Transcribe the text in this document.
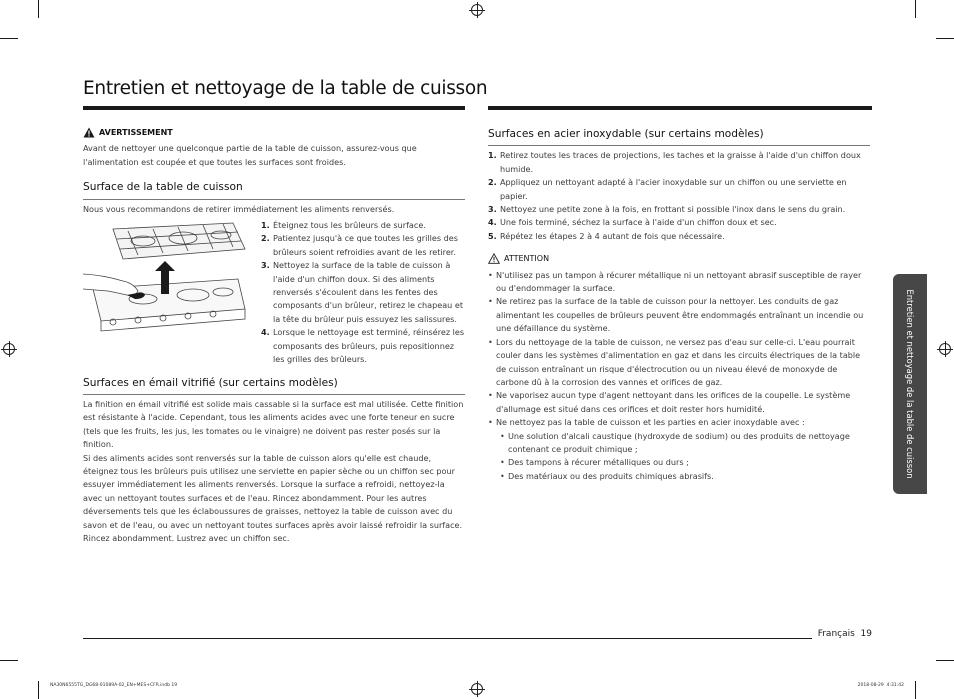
Entretien et nettoyage de la table de cuisson
AVERTISSEMENT
Avant de nettoyer une quelconque partie de la table de cuisson, assurez-vous que l'alimentation est coupée et que toutes les surfaces sont froides.
Surface de la table de cuisson
Nous vous recommandons de retirer immédiatement les aliments renversés.
1. Éteignez tous les brûleurs de surface.
2. Patientez jusqu'à ce que toutes les grilles des brûleurs soient refroidies avant de les retirer.
3. Nettoyez la surface de la table de cuisson à l'aide d'un chiffon doux. Si des aliments renversés s'écoulent dans les fentes des composants d'un brûleur, retirez le chapeau et la tête du brûleur puis essuyez les salissures.
4. Lorsque le nettoyage est terminé, réinsérez les composants des brûleurs, puis repositionnez les grilles des brûleurs.
Surfaces en émail vitrifié (sur certains modèles)
La finition en émail vitrifié est solide mais cassable si la surface est mal utilisée. Cette finition est résistante à l'acide. Cependant, tous les aliments acides avec une forte teneur en sucre (tels que les fruits, les jus, les tomates ou le vinaigre) ne doivent pas rester posés sur la finition.
Si des aliments acides sont renversés sur la table de cuisson alors qu'elle est chaude, éteignez tous les brûleurs puis utilisez une serviette en papier sèche ou un chiffon sec pour essuyer immédiatement les aliments renversés. Lorsque la surface a refroidi, nettoyez-la avec un nettoyant toutes surfaces et de l'eau. Rincez abondamment. Pour les autres déversements tels que les éclaboussures de graisses, nettoyez la table de cuisson avec du savon et de l'eau, ou avec un nettoyant toutes surfaces après avoir laissé refroidir la surface. Rincez abondamment. Lustrez avec un chiffon sec.
Surfaces en acier inoxydable (sur certains modèles)
1. Retirez toutes les traces de projections, les taches et la graisse à l'aide d'un chiffon doux humide.
2. Appliquez un nettoyant adapté à l'acier inoxydable sur un chiffon ou une serviette en papier.
3. Nettoyez une petite zone à la fois, en frottant si possible l'inox dans le sens du grain.
4. Une fois terminé, séchez la surface à l'aide d'un chiffon doux et sec.
5. Répétez les étapes 2 à 4 autant de fois que nécessaire.
ATTENTION
• N'utilisez pas un tampon à récurer métallique ni un nettoyant abrasif susceptible de rayer ou d'endommager la surface.
• Ne retirez pas la surface de la table de cuisson pour la nettoyer. Les conduits de gaz alimentant les coupelles de brûleurs peuvent être endommagés entraînant un incendie ou une défaillance du système.
• Lors du nettoyage de la table de cuisson, ne versez pas d'eau sur celle-ci. L'eau pourrait couler dans les systèmes d'alimentation en gaz et dans les circuits électriques de la table de cuisson entraînant un risque d'électrocution ou un niveau élevé de monoxyde de carbone dû à la corrosion des vannes et orifices de gaz.
• Ne vaporisez aucun type d'agent nettoyant dans les orifices de la coupelle. Le système d'allumage est situé dans ces orifices et doit rester hors humidité.
• Ne nettoyez pas la table de cuisson et les parties en acier inoxydable avec :
• Une solution d'alcali caustique (hydroxyde de sodium) ou des produits de nettoyage contenant ce produit chimique ;
• Des tampons à récurer métalliques ou durs ;
• Des matériaux ou des produits chimiques abrasifs.	Entretien et nettoyage de la table de cuisson
Français 19
NA30N6555TG_DG68-01089A-02_EN+MES+CFR.indb 19	2018-08-29 ￼ 4:31:42
